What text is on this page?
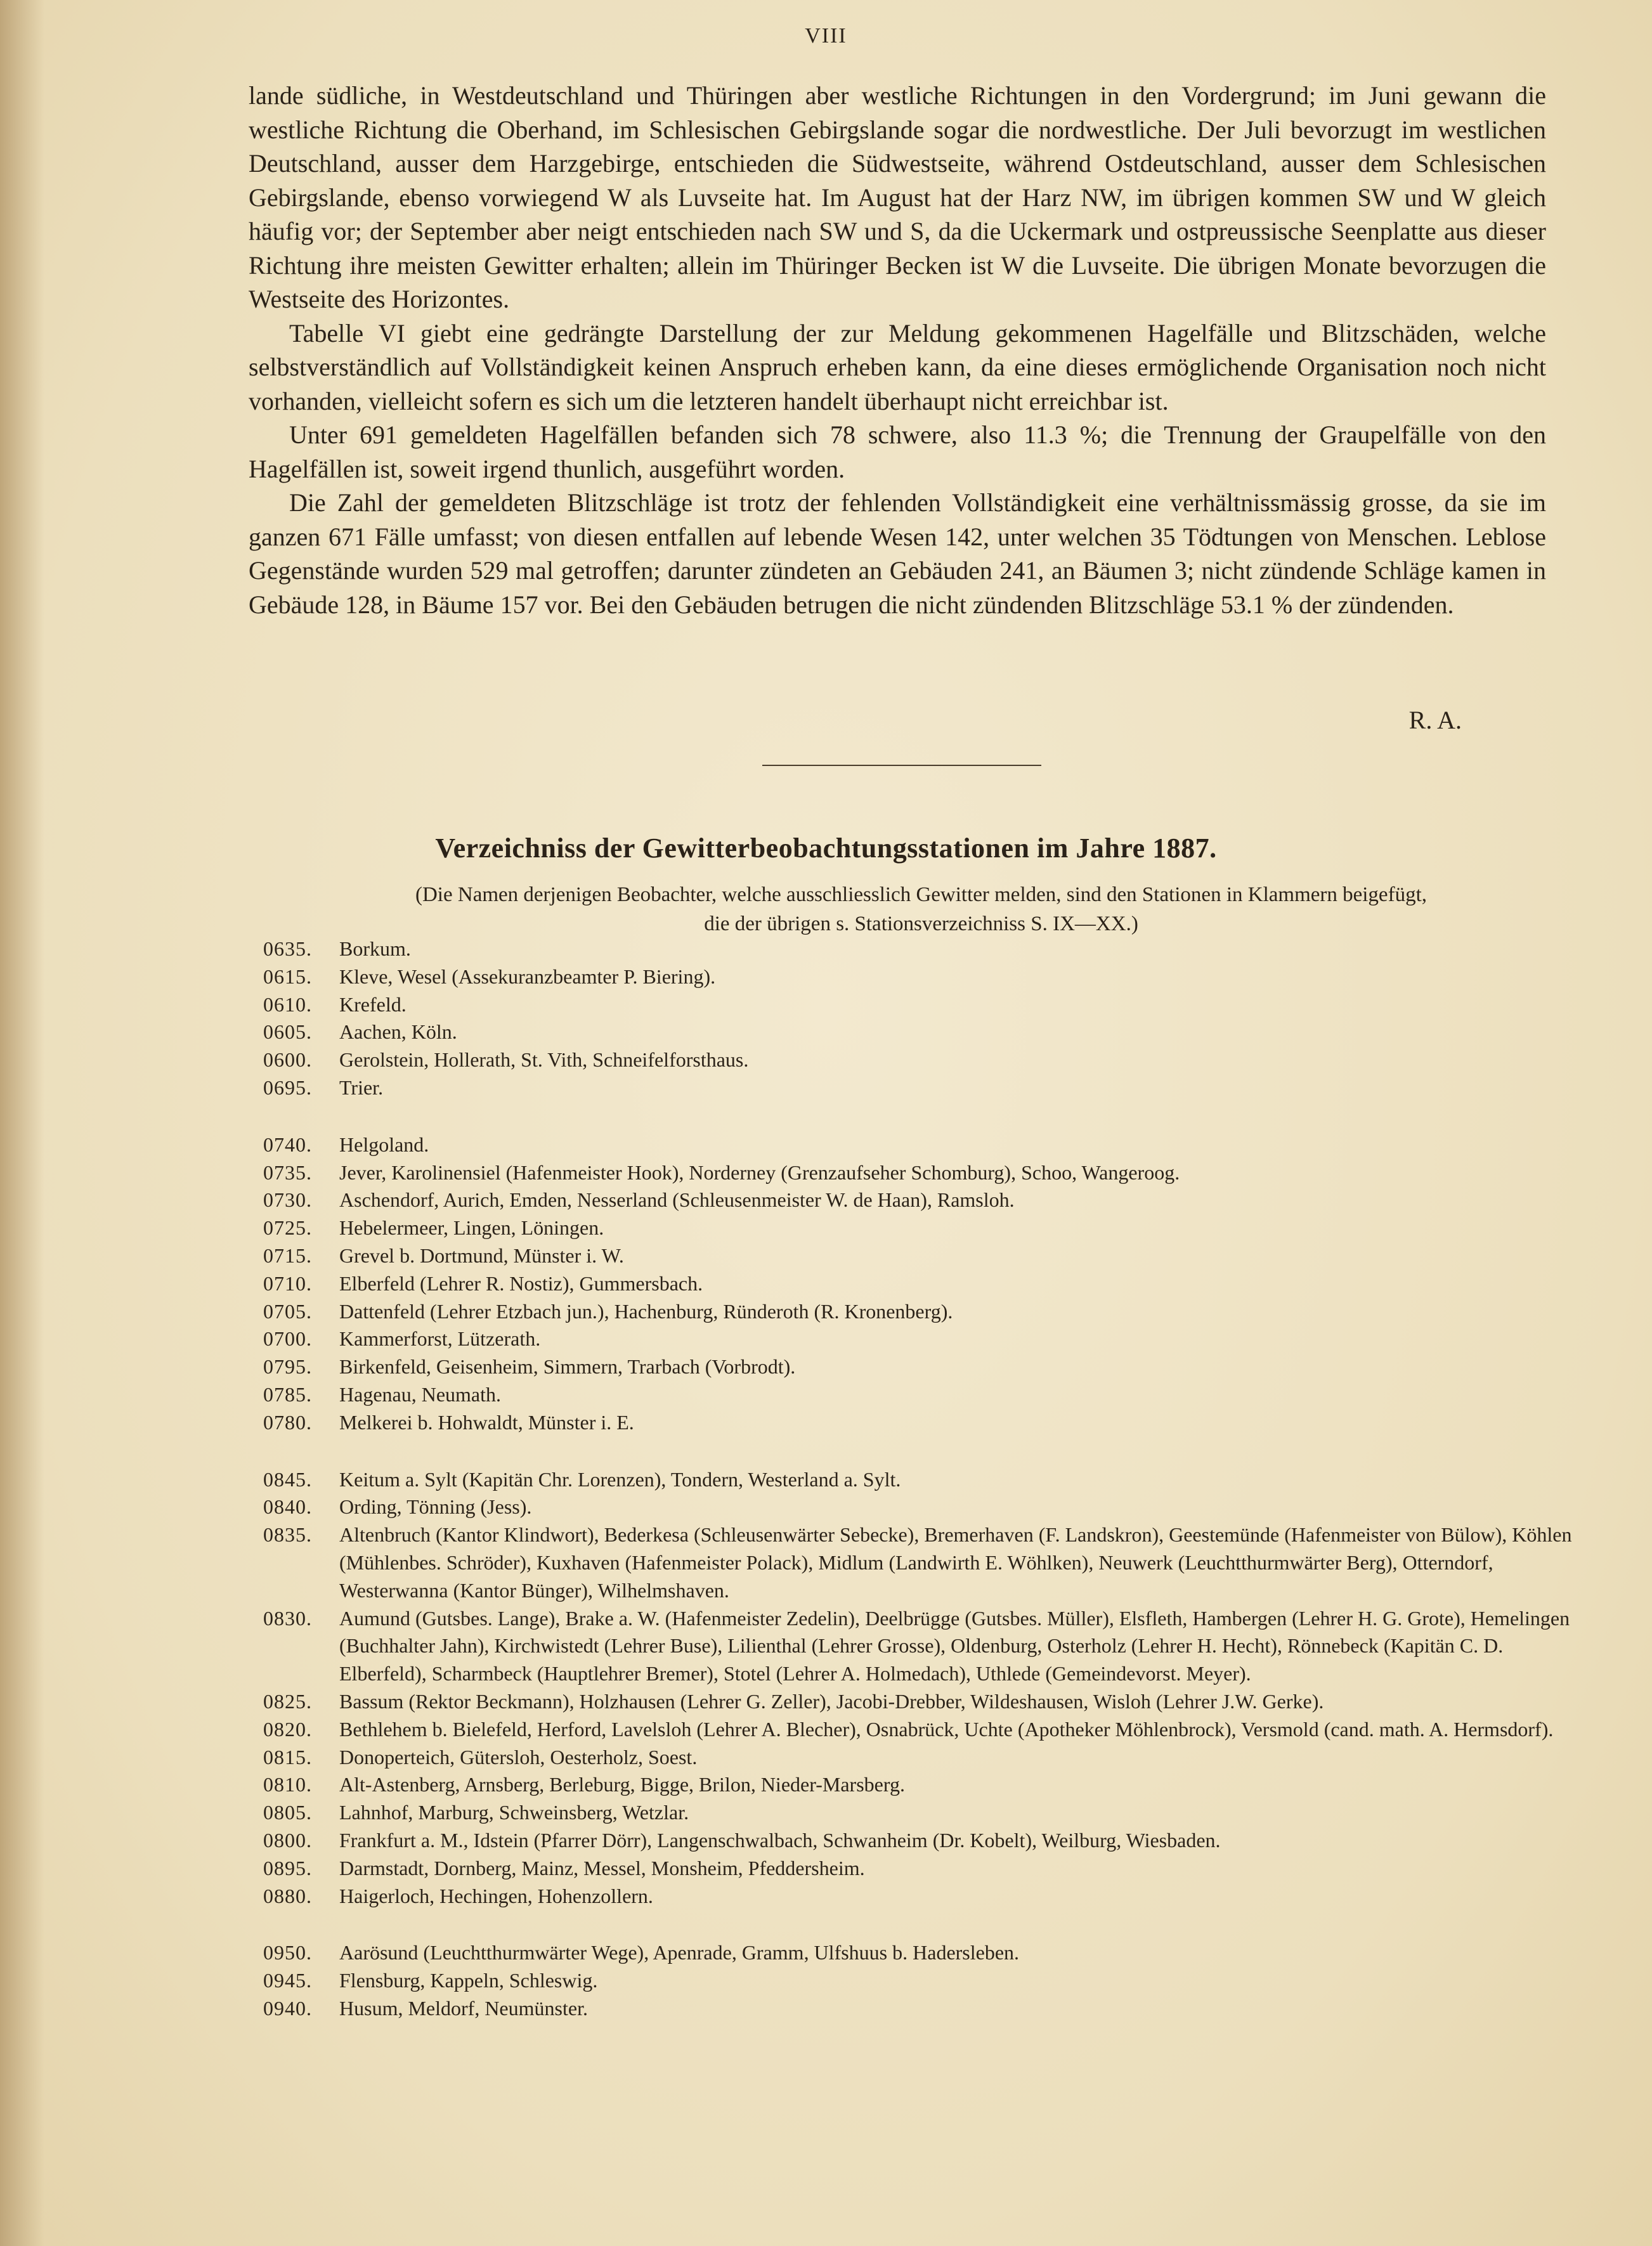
VIII

lande südliche, in Westdeutschland und Thüringen aber westliche Richtungen in den Vordergrund; im Juni gewann die westliche Richtung die Oberhand, im Schlesischen Gebirgslande sogar die nordwestliche. Der Juli bevorzugt im westlichen Deutschland, ausser dem Harzgebirge, entschieden die Südwestseite, während Ostdeutschland, ausser dem Schlesischen Gebirgslande, ebenso vorwiegend W als Luvseite hat. Im August hat der Harz NW, im übrigen kommen SW und W gleich häufig vor; der September aber neigt entschieden nach SW und S, da die Uckermark und ostpreussische Seenplatte aus dieser Richtung ihre meisten Gewitter erhalten; allein im Thüringer Becken ist W die Luvseite. Die übrigen Monate bevorzugen die Westseite des Horizontes.

Tabelle VI giebt eine gedrängte Darstellung der zur Meldung gekommenen Hagelfälle und Blitzschäden, welche selbstverständlich auf Vollständigkeit keinen Anspruch erheben kann, da eine dieses ermöglichende Organisation noch nicht vorhanden, vielleicht sofern es sich um die letzteren handelt überhaupt nicht erreichbar ist.

Unter 691 gemeldeten Hagelfällen befanden sich 78 schwere, also 11.3 %; die Trennung der Graupelfälle von den Hagelfällen ist, soweit irgend thunlich, ausgeführt worden.

Die Zahl der gemeldeten Blitzschläge ist trotz der fehlenden Vollständigkeit eine verhältnissmässig grosse, da sie im ganzen 671 Fälle umfasst; von diesen entfallen auf lebende Wesen 142, unter welchen 35 Tödtungen von Menschen. Leblose Gegenstände wurden 529 mal getroffen; darunter zündeten an Gebäuden 241, an Bäumen 3; nicht zündende Schläge kamen in Gebäude 128, in Bäume 157 vor. Bei den Gebäuden betrugen die nicht zündenden Blitzschläge 53.1 % der zündenden.

R. A.
Verzeichniss der Gewitterbeobachtungsstationen im Jahre 1887.
(Die Namen derjenigen Beobachter, welche ausschliesslich Gewitter melden, sind den Stationen in Klammern beigefügt,
die der übrigen s. Stationsverzeichniss S. IX—XX.)
0635.	Borkum.
0615.	Kleve, Wesel (Assekuranzbeamter P. Biering).
0610.	Krefeld.
0605.	Aachen, Köln.
0600.	Gerolstein, Hollerath, St. Vith, Schneifelforsthaus.
0695.	Trier.
0740.	Helgoland.
0735.	Jever, Karolinensiel (Hafenmeister Hook), Norderney (Grenzaufseher Schomburg), Schoo, Wangeroog.
0730.	Aschendorf, Aurich, Emden, Nesserland (Schleusenmeister W. de Haan), Ramsloh.
0725.	Hebelermeer, Lingen, Löningen.
0715.	Grevel b. Dortmund, Münster i. W.
0710.	Elberfeld (Lehrer R. Nostiz), Gummersbach.
0705.	Dattenfeld (Lehrer Etzbach jun.), Hachenburg, Ründeroth (R. Kronenberg).
0700.	Kammerforst, Lützerath.
0795.	Birkenfeld, Geisenheim, Simmern, Trarbach (Vorbrodt).
0785.	Hagenau, Neumath.
0780.	Melkerei b. Hohwaldt, Münster i. E.
0845.	Keitum a. Sylt (Kapitän Chr. Lorenzen), Tondern, Westerland a. Sylt.
0840.	Ording, Tönning (Jess).
0835.	Altenbruch (Kantor Klindwort), Bederkesa (Schleusenwärter Sebecke), Bremerhaven (F. Landskron), Geestemünde (Hafenmeister von Bülow), Köhlen (Mühlenbes. Schröder), Kuxhaven (Hafenmeister Polack), Midlum (Landwirth E. Wöhlken), Neuwerk (Leuchtthurmwärter Berg), Otterndorf, Westerwanna (Kantor Bünger), Wilhelmshaven.
0830.	Aumund (Gutsbes. Lange), Brake a. W. (Hafenmeister Zedelin), Deelbrügge (Gutsbes. Müller), Elsfleth, Hambergen (Lehrer H. G. Grote), Hemelingen (Buchhalter Jahn), Kirchwistedt (Lehrer Buse), Lilienthal (Lehrer Grosse), Oldenburg, Osterholz (Lehrer H. Hecht), Rönnebeck (Kapitän C. D. Elberfeld), Scharmbeck (Hauptlehrer Bremer), Stotel (Lehrer A. Holmedach), Uthlede (Gemeindevorst. Meyer).
0825.	Bassum (Rektor Beckmann), Holzhausen (Lehrer G. Zeller), Jacobi-Drebber, Wildeshausen, Wisloh (Lehrer J.W. Gerke).
0820.	Bethlehem b. Bielefeld, Herford, Lavelsloh (Lehrer A. Blecher), Osnabrück, Uchte (Apotheker Möhlenbrock), Versmold (cand. math. A. Hermsdorf).
0815.	Donoperteich, Gütersloh, Oesterholz, Soest.
0810.	Alt-Astenberg, Arnsberg, Berleburg, Bigge, Brilon, Nieder-Marsberg.
0805.	Lahnhof, Marburg, Schweinsberg, Wetzlar.
0800.	Frankfurt a. M., Idstein (Pfarrer Dörr), Langenschwalbach, Schwanheim (Dr. Kobelt), Weilburg, Wiesbaden.
0895.	Darmstadt, Dornberg, Mainz, Messel, Monsheim, Pfeddersheim.
0880.	Haigerloch, Hechingen, Hohenzollern.
0950.	Aarösund (Leuchtthurmwärter Wege), Apenrade, Gramm, Ulfshuus b. Hadersleben.
0945.	Flensburg, Kappeln, Schleswig.
0940.	Husum, Meldorf, Neumünster.
